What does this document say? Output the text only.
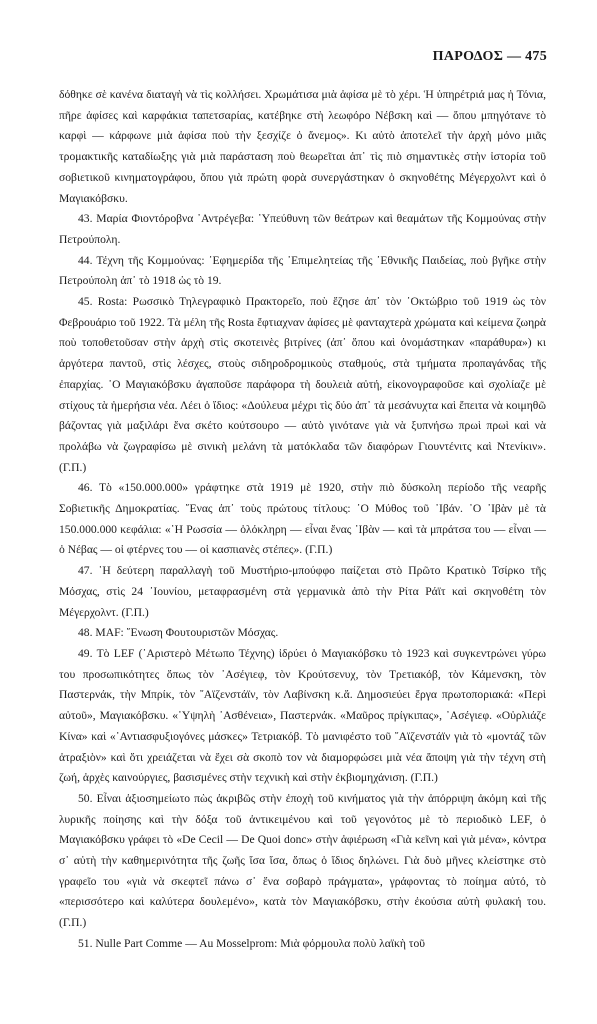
ΠΑΡΟΔΟΣ — 475

δόθηκε σὲ κανένα διαταγὴ νὰ τὶς κολλήσει. Χρωμάτισα μιὰ ἀφίσα μὲ τὸ χέρι. Ἡ ὑπηρέτριά μας ἡ Τόνια, πῆρε ἀφίσες καὶ καρφάκια ταπετσαρίας, κατέβηκε στὴ λεωφόρο Νέβσκη καὶ — ὅπου μπηγότανε τὸ καρφὶ — κάρφωνε μιὰ ἀφίσα ποὺ τὴν ξεσχίζε ὁ ἄνεμος». Κι αὐτὸ ἀποτελεῖ τὴν ἀρχὴ μόνο μιᾶς τρομακτικῆς καταδίωξης γιὰ μιὰ παράσταση ποὺ θεωρεῖται ἀπ᾽ τὶς πιὸ σημαντικὲς στὴν ἱστορία τοῦ σοβιετικοῦ κινηματογράφου, ὅπου γιὰ πρώτη φορὰ συνεργάστηκαν ὁ σκηνοθέτης Μέγερχολντ καὶ ὁ Μαγιακόβσκυ.

43. Μαρία Φιοντόροβνα ᾿Αντρέγεβα: ῾Υπεύθυνη τῶν θεάτρων καὶ θεαμάτων τῆς Κομμούνας στὴν Πετρούπολη.

44. Τέχνη τῆς Κομμούνας: ᾿Εφημερίδα τῆς ᾿Επιμελητείας τῆς ᾿Εθνικῆς Παιδείας, ποὺ βγῆκε στὴν Πετρούπολη ἀπ᾽ τὸ 1918 ὡς τὸ 19.

45. Rosta: Ρωσσικὸ Τηλεγραφικὸ Πρακτορεῖο, ποὺ ἔζησε ἀπ᾽ τὸν ᾿Οκτώβριο τοῦ 1919 ὡς τὸν Φεβρουάριο τοῦ 1922. Τὰ μέλη τῆς Rosta ἔφτιαχναν ἀφίσες μὲ φανταχτερὰ χρώματα καὶ κείμενα ζωηρὰ ποὺ τοποθετοῦσαν στὴν ἀρχὴ στὶς σκοτεινὲς βιτρίνες (ἀπ᾽ ὅπου καὶ ὀνομάστηκαν «παράθυρα») κι ἀργότερα παντοῦ, στὶς λέσχες, στοὺς σιδηροδρομικοὺς σταθμούς, στὰ τμήματα προπαγάνδας τῆς ἐπαρχίας. ῾Ο Μαγιακόβσκυ ἀγαποῦσε παράφορα τὴ δουλειὰ αὐτή, εἰκονογραφοῦσε καὶ σχολίαζε μὲ στίχους τὰ ἡμερήσια νέα. Λέει ὁ ἴδιος: «Δούλευα μέχρι τὶς δύο ἀπ᾽ τὰ μεσάνυχτα καὶ ἔπειτα νὰ κοιμηθῶ βάζοντας γιὰ μαξιλάρι ἕνα σκέτο κούτσουρο — αὐτὸ γινότανε γιὰ νὰ ξυπνήσω πρωὶ πρωὶ καὶ νὰ προλάβω νὰ ζωγραφίσω μὲ σινικὴ μελάνη τὰ ματόκλαδα τῶν διαφόρων Γιουντένιτς καὶ Ντενίκιν». (Γ.Π.)

46. Τὸ «150.000.000» γράφτηκε στὰ 1919 μὲ 1920, στὴν πιὸ δύσκολη περίοδο τῆς νεαρῆς Σοβιετικῆς Δημοκρατίας. ῞Ενας ἀπ᾽ τοὺς πρώτους τίτλους: ᾿Ο Μύθος τοῦ ᾿Ιβάν. ᾿Ο ᾿Ιβὰν μὲ τὰ 150.000.000 κεφάλια: «῾Η Ρωσσία — ὁλόκληρη — εἶναι ἕνας ᾿Ιβὰν — καὶ τὰ μπράτσα του — εἶναι — ὁ Νέβας — οἱ φτέρνες του — οἱ κασπιανὲς στέπες». (Γ.Π.)

47. ῾Η δεύτερη παραλλαγὴ τοῦ Μυστήριο-μπούφφο παίζεται στὸ Πρῶτο Κρατικὸ Τσίρκο τῆς Μόσχας, στὶς 24 ᾿Ιουνίου, μεταφρασμένη στὰ γερμανικὰ ἀπὸ τὴν Ρίτα Ράϊτ καὶ σκηνοθέτη τὸν Μέγερχολντ. (Γ.Π.)

48. MAF: ῞Ενωση Φουτουριστῶν Μόσχας.

49. Τὸ LEF (᾿Αριστερὸ Μέτωπο Τέχνης) ἱδρύει ὁ Μαγιακόβσκυ τὸ 1923 καὶ συγκεντρώνει γύρω του προσωπικότητες ὅπως τὸν ᾿Ασέγιεφ, τὸν Κρούτσενυχ, τὸν Τρετιακόβ, τὸν Κάμενσκη, τὸν Παστερνάκ, τὴν Μπρίκ, τὸν ῎Αϊζενστάϊν, τὸν Λαβίνσκη κ.ἄ. Δημοσιεύει ἔργα πρωτοποριακά: «Περὶ αὐτοῦ», Μαγιακόβσκυ. «῾Υψηλὴ ᾿Ασθένεια», Παστερνάκ. «Μαῦρος πρίγκιπας», ᾿Ασέγιεφ. «Οὐρλιάζε Κίνα» καὶ «᾿Αντιασφυξιογόνες μάσκες» Τετριακόβ. Τὸ μανιφέστο τοῦ ῎Αϊζενστάϊν γιὰ τὸ «μοντάζ τῶν ἀτραξιὸν» καὶ ὅτι χρειάζεται νὰ ἔχει σὰ σκοπὸ τον νὰ διαμορφώσει μιὰ νέα ἄποψη γιὰ τὴν τέχνη στὴ ζωή, ἀρχὲς καινούργιες, βασισμένες στὴν τεχνικὴ καὶ στὴν ἐκβιομηχάνιση. (Γ.Π.)

50. Εἶναι ἀξιοσημείωτο πὼς ἀκριβῶς στὴν ἐποχὴ τοῦ κινήματος γιὰ τὴν ἀπόρριψη ἀκόμη καὶ τῆς λυρικῆς ποίησης καὶ τὴν δόξα τοῦ ἀντικειμένου καὶ τοῦ γεγονότος μὲ τὸ περιοδικὸ LEF, ὁ Μαγιακόβσκυ γράφει τὸ «De Cecil — De Quoi donc» στὴν ἀφιέρωση «Γιὰ κεῖνη καὶ γιὰ μένα», κόντρα σ᾽ αὐτὴ τὴν καθημερινότητα τῆς ζωῆς ἴσα ἴσα, ὅπως ὁ ἴδιος δηλώνει. Γιὰ δυὸ μῆνες κλείστηκε στὸ γραφεῖο του «γιὰ νὰ σκεφτεῖ πάνω σ᾽ ἕνα σοβαρὸ πράγματα», γράφοντας τὸ ποίημα αὐτό, τὸ «περισσότερο καὶ καλύτερα δουλεμένο», κατὰ τὸν Μαγιακόβσκυ, στὴν ἐκούσια αὐτὴ φυλακή του. (Γ.Π.)

51. Nulle Part Comme — Au Mosselprom: Μιὰ φόρμουλα πολὺ λαϊκὴ τοῦ
